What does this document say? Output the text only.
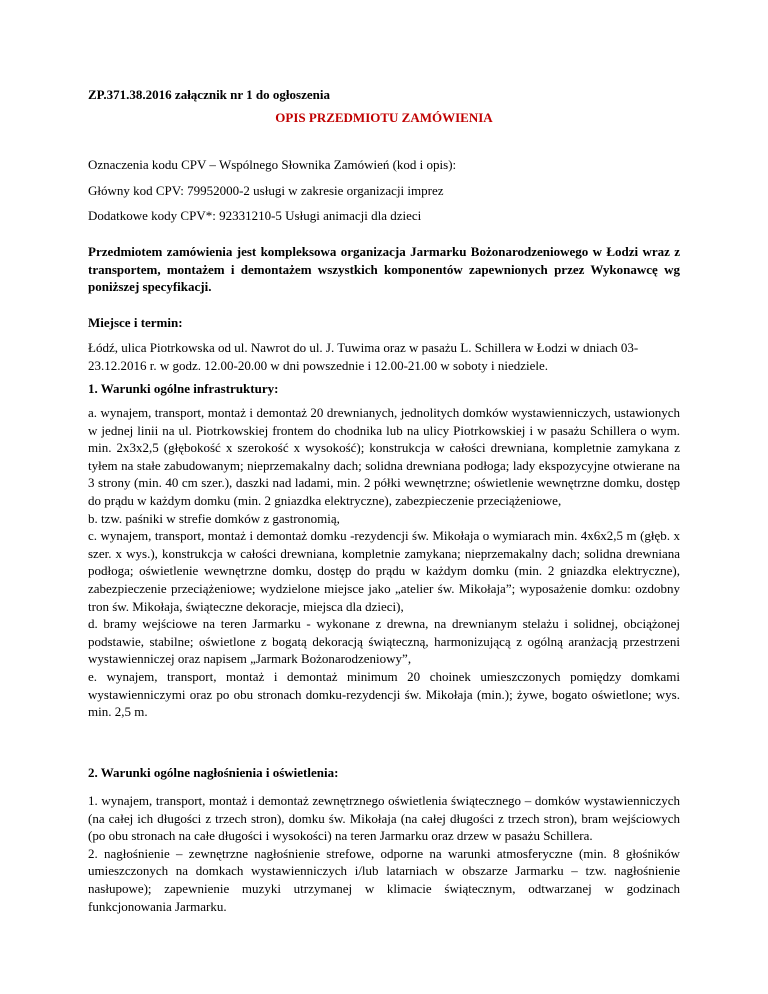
ZP.371.38.2016 załącznik nr 1 do ogłoszenia

OPIS PRZEDMIOTU ZAMÓWIENIA

Oznaczenia kodu CPV – Wspólnego Słownika Zamówień (kod i opis):

Główny kod CPV: 79952000-2 usługi w zakresie organizacji imprez

Dodatkowe kody CPV*: 92331210-5 Usługi animacji dla dzieci

Przedmiotem zamówienia jest kompleksowa organizacja Jarmarku Bożonarodzeniowego w Łodzi wraz z transportem, montażem i demontażem wszystkich komponentów zapewnionych przez Wykonawcę wg poniższej specyfikacji.

Miejsce i termin:

Łódź, ulica Piotrkowska od ul. Nawrot do ul. J. Tuwima oraz w pasażu L. Schillera w Łodzi w dniach 03-23.12.2016 r. w godz. 12.00-20.00 w dni powszednie i 12.00-21.00 w soboty i niedziele.

1. Warunki ogólne infrastruktury:

a. wynajem, transport, montaż i demontaż 20 drewnianych, jednolitych domków wystawienniczych, ustawionych w jednej linii na ul. Piotrkowskiej frontem do chodnika lub na ulicy Piotrkowskiej i w pasażu Schillera o wym. min. 2x3x2,5 (głębokość x szerokość x wysokość); konstrukcja w całości drewniana, kompletnie zamykana z tyłem na stałe zabudowanym; nieprzemakalny dach; solidna drewniana podłoga; lady ekspozycyjne otwierane na 3 strony (min. 40 cm szer.), daszki nad ladami, min. 2 półki wewnętrzne; oświetlenie wewnętrzne domku, dostęp do prądu w każdym domku (min. 2 gniazdka elektryczne), zabezpieczenie przeciążeniowe,
b. tzw. paśniki w strefie domków z gastronomią,
c. wynajem, transport, montaż i demontaż domku -rezydencji św. Mikołaja o wymiarach min. 4x6x2,5 m (głęb. x szer. x wys.), konstrukcja w całości drewniana, kompletnie zamykana; nieprzemakalny dach; solidna drewniana podłoga; oświetlenie wewnętrzne domku, dostęp do prądu w każdym domku (min. 2 gniazdka elektryczne), zabezpieczenie przeciążeniowe; wydzielone miejsce jako „atelier św. Mikołaja”; wyposażenie domku: ozdobny tron św. Mikołaja, świąteczne dekoracje, miejsca dla dzieci),
d. bramy wejściowe na teren Jarmarku - wykonane z drewna, na drewnianym stelażu i solidnej, obciążonej podstawie, stabilne; oświetlone z bogatą dekoracją świąteczną, harmonizującą z ogólną aranżacją przestrzeni wystawienniczej oraz napisem „Jarmark Bożonarodzeniowy”,
e. wynajem, transport, montaż i demontaż minimum 20 choinek umieszczonych pomiędzy domkami wystawienniczymi oraz po obu stronach domku-rezydencji św. Mikołaja (min.); żywe, bogato oświetlone; wys. min. 2,5 m.

2. Warunki ogólne nagłośnienia i oświetlenia:

1. wynajem, transport, montaż i demontaż zewnętrznego oświetlenia świątecznego – domków wystawienniczych (na całej ich długości z trzech stron), domku św. Mikołaja (na całej długości z trzech stron), bram wejściowych (po obu stronach na całe długości i wysokości) na teren Jarmarku oraz drzew w pasażu Schillera.
2. nagłośnienie – zewnętrzne nagłośnienie strefowe, odporne na warunki atmosferyczne (min. 8 głośników umieszczonych na domkach wystawienniczych i/lub latarniach w obszarze Jarmarku – tzw. nagłośnienie nasłupowe); zapewnienie muzyki utrzymanej w klimacie świątecznym, odtwarzanej w godzinach funkcjonowania Jarmarku.
